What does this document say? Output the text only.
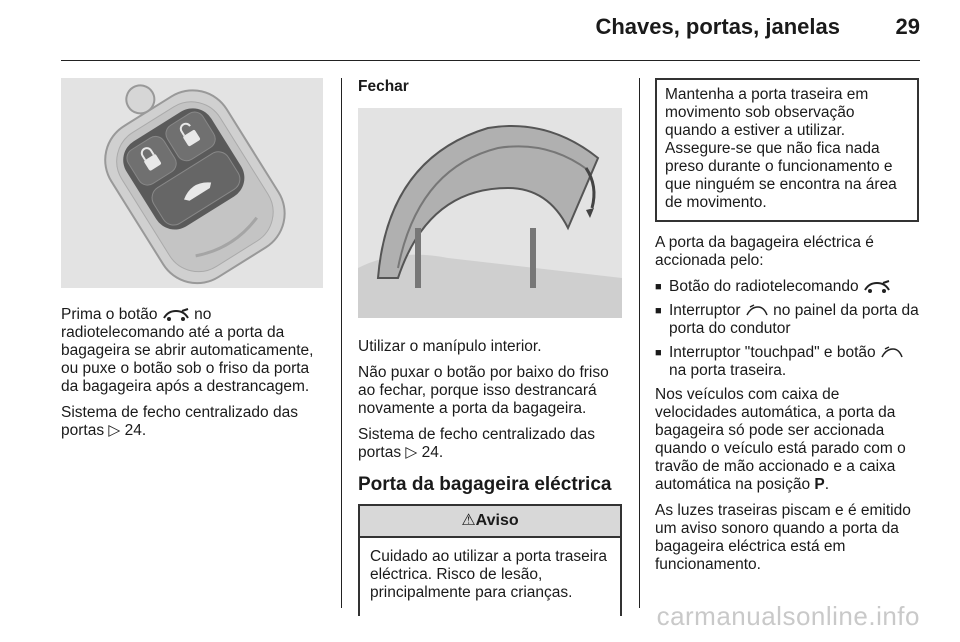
Chaves, portas, janelas	29

Prima o botão no radiotelecomando até a porta da bagageira se abrir automaticamente, ou puxe o botão sob o friso da porta da bagageira após a destrancagem.

Sistema de fecho centralizado das portas ▷ 24.

Fechar

Utilizar o manípulo interior.

Não puxar o botão por baixo do friso ao fechar, porque isso destrancará novamente a porta da bagageira.

Sistema de fecho centralizado das portas ▷ 24.

Porta da bagageira eléctrica
⚠Aviso
Cuidado ao utilizar a porta traseira eléctrica. Risco de lesão, principalmente para crianças.
Mantenha a porta traseira em movimento sob observação quando a estiver a utilizar. Assegure-se que não fica nada preso durante o funcionamento e que ninguém se encontra na área de movimento.

A porta da bagageira eléctrica é accionada pelo:

■ Botão do radiotelecomando
■ Interruptor no painel da porta da porta do condutor
■ Interruptor "touchpad" e botão  na porta traseira.

Nos veículos com caixa de velocidades automática, a porta da bagageira só pode ser accionada quando o veículo está parado com o travão de mão accionado e a caixa automática na posição P.

As luzes traseiras piscam e é emitido um aviso sonoro quando a porta da bagageira eléctrica está em funcionamento.

carmanualsonline.info
